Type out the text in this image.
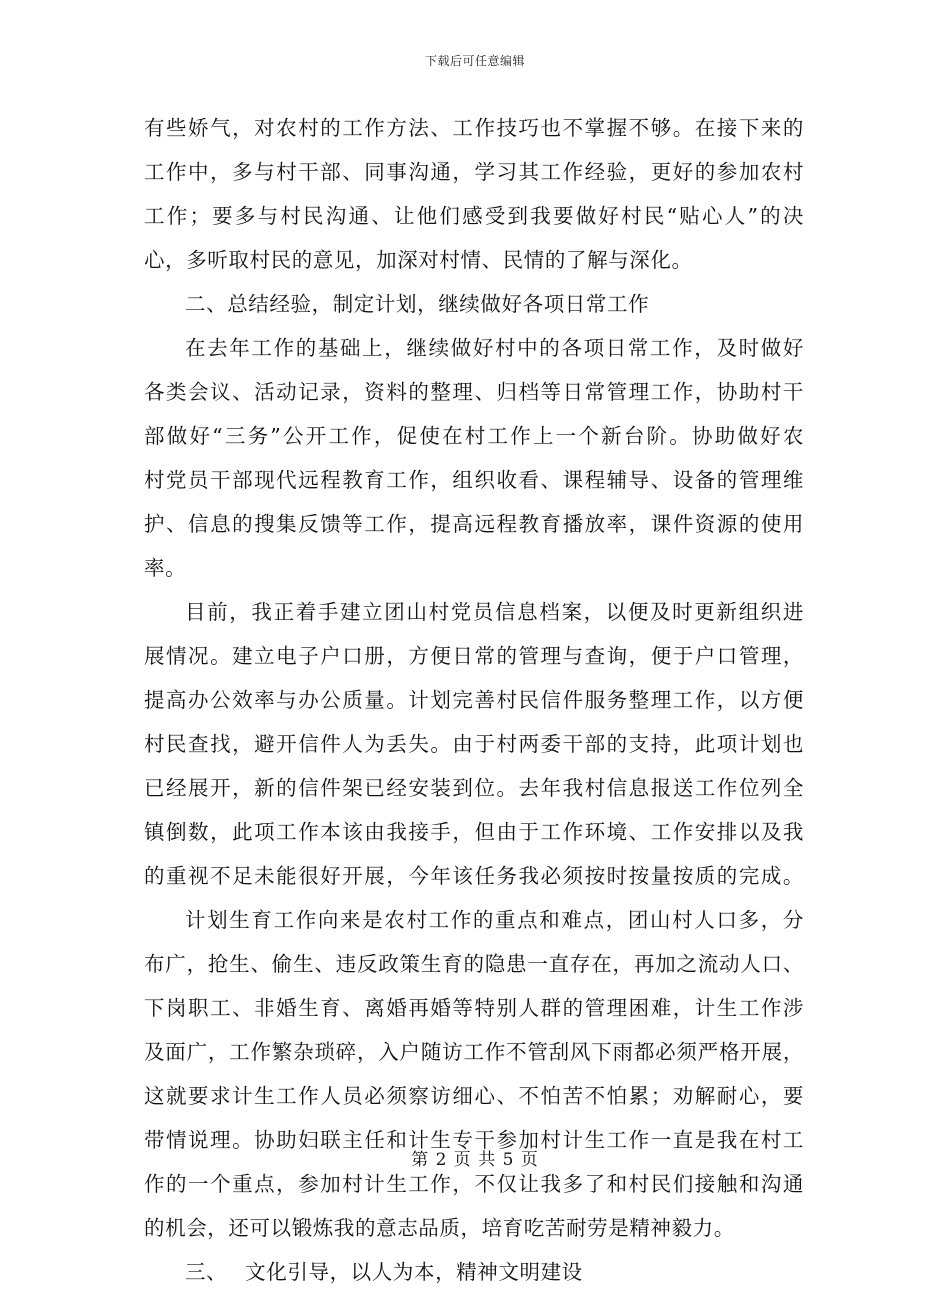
下载后可任意编辑
有些娇气，对农村的工作方法、工作技巧也不掌握不够。在接下来的
工作中，多与村干部、同事沟通，学习其工作经验，更好的参加农村
工作；要多与村民沟通、让他们感受到我要做好村民“贴心人”的决
心，多听取村民的意见，加深对村情、民情的了解与深化。
二、总结经验，制定计划，继续做好各项日常工作
在去年工作的基础上，继续做好村中的各项日常工作，及时做好
各类会议、活动记录，资料的整理、归档等日常管理工作，协助村干
部做好“三务”公开工作，促使在村工作上一个新台阶。协助做好农
村党员干部现代远程教育工作，组织收看、课程辅导、设备的管理维
护、信息的搜集反馈等工作，提高远程教育播放率，课件资源的使用
率。
目前，我正着手建立团山村党员信息档案，以便及时更新组织进
展情况。建立电子户口册，方便日常的管理与查询，便于户口管理，
提高办公效率与办公质量。计划完善村民信件服务整理工作，以方便
村民查找，避开信件人为丢失。由于村两委干部的支持，此项计划也
已经展开，新的信件架已经安装到位。去年我村信息报送工作位列全
镇倒数，此项工作本该由我接手，但由于工作环境、工作安排以及我
的重视不足未能很好开展，今年该任务我必须按时按量按质的完成。
计划生育工作向来是农村工作的重点和难点，团山村人口多，分
布广，抢生、偷生、违反政策生育的隐患一直存在，再加之流动人口、
下岗职工、非婚生育、离婚再婚等特别人群的管理困难，计生工作涉
及面广，工作繁杂琐碎，入户随访工作不管刮风下雨都必须严格开展，
这就要求计生工作人员必须察访细心、不怕苦不怕累；劝解耐心，要
带情说理。协助妇联主任和计生专干参加村计生工作一直是我在村工
作的一个重点，参加村计生工作，不仅让我多了和村民们接触和沟通
的机会，还可以锻炼我的意志品质，培育吃苦耐劳是精神毅力。
三、　 文化引导，以人为本，精神文明建设
第 2 页 共 5 页
